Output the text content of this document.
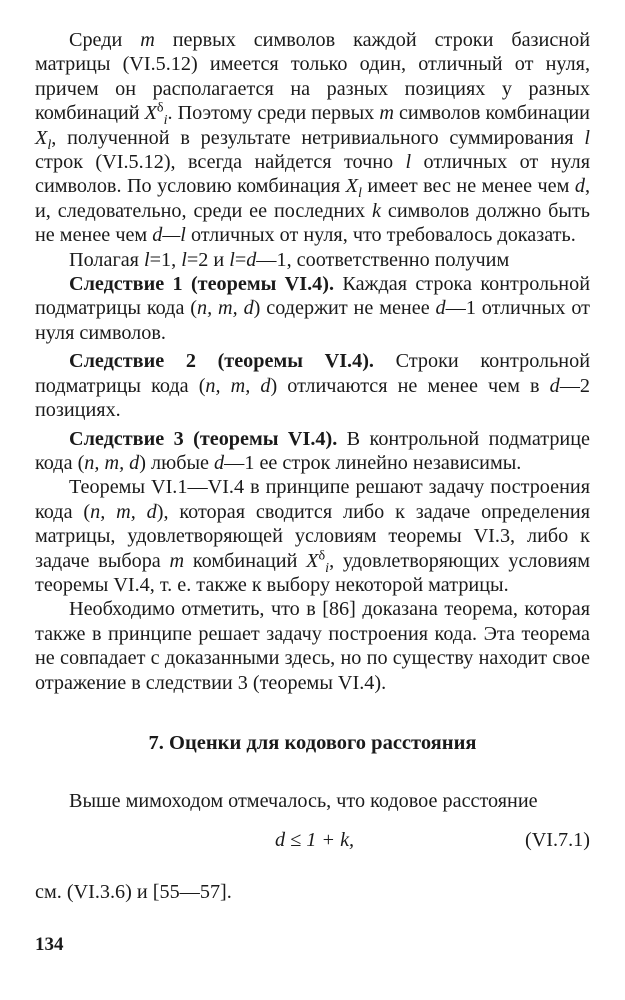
Среди m первых символов каждой строки базисной матрицы (VI.5.12) имеется только один, отличный от нуля, причем он располагается на разных позициях у разных комбинаций $X^\delta_i$. Поэтому среди первых m символов комбинации $X_l$, полученной в результате нетривиального суммирования l строк (VI.5.12), всегда найдется точно l отличных от нуля символов. По условию комбинация $X_l$ имеет вес не менее чем d, и, следовательно, среди ее последних k символов должно быть не менее чем d—l отличных от нуля, что требовалось доказать.

Полагая l=1, l=2 и l=d—1, соответственно получим

Следствие 1 (теоремы VI.4). Каждая строка контрольной подматрицы кода (n, m, d) содержит не менее d—1 отличных от нуля символов.

Следствие 2 (теоремы VI.4). Строки контрольной подматрицы кода (n, m, d) отличаются не менее чем в d—2 позициях.

Следствие 3 (теоремы VI.4). В контрольной подматрице кода (n, m, d) любые d—1 ее строк линейно независимы.

Теоремы VI.1—VI.4 в принципе решают задачу построения кода (n, m, d), которая сводится либо к задаче определения матрицы, удовлетворяющей условиям теоремы VI.3, либо к задаче выбора m комбинаций $X^\delta_i$, удовлетворяющих условиям теоремы VI.4, т. е. также к выбору некоторой матрицы.

Необходимо отметить, что в [86] доказана теорема, которая также в принципе решает задачу построения кода. Эта теорема не совпадает с доказанными здесь, но по существу находит свое отражение в следствии 3 (теоремы VI.4).

7. Оценки для кодового расстояния

Выше мимоходом отмечалось, что кодовое расстояние

d ≤ 1 + k,	(VI.7.1)

см. (VI.3.6) и [55—57].

134
